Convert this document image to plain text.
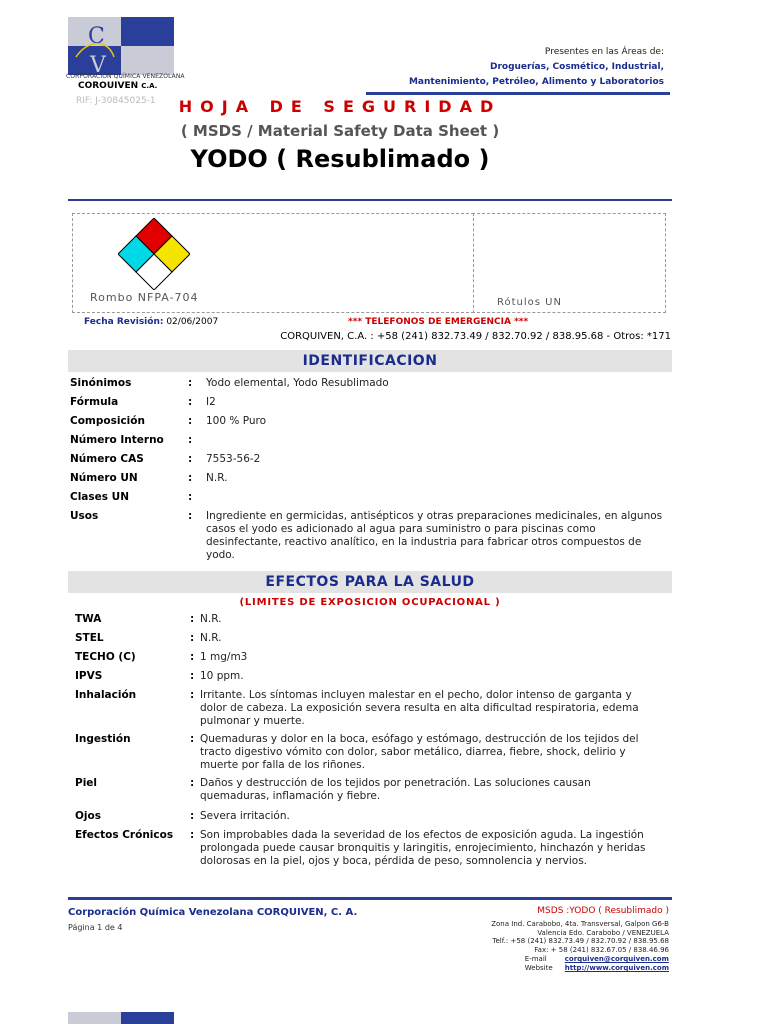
C
V
CORPORACIÓN QUÍMICA VENEZOLANA
COROUIVEN C.A.
RIF: J-30845025-1
Presentes en las Áreas de:
Droguerías, Cosmético, Industrial,
Mantenimiento, Petróleo, Alimento y Laboratorios
HOJA DE SEGURIDAD
( MSDS / Material Safety Data Sheet )
YODO ( Resublimado )
Rombo NFPA-704	Rótulos UN
Fecha Revisión: 02/06/2007	*** TELEFONOS DE EMERGENCIA ***
CORQUIVEN, C.A. : +58 (241) 832.73.49 / 832.70.92 / 838.95.68 - Otros: *171
IDENTIFICACION
Sinónimos	: Yodo elemental, Yodo Resublimado
Fórmula	: I2
Composición	: 100 % Puro
Número Interno :
Número CAS	: 7553-56-2
Número UN	: N.R.
Clases UN	:
Usos	: Ingrediente en germicidas, antisépticos y otras preparaciones medicinales, en algunos casos el yodo es adicionado al agua para suministro o para piscinas como desinfectante, reactivo analítico, en la industria para fabricar otros compuestos de yodo.
EFECTOS PARA LA SALUD
(LIMITES DE EXPOSICION OCUPACIONAL )
TWA	: N.R.
STEL	: N.R.
TECHO (C)	: 1 mg/m3
IPVS	: 10 ppm.
Inhalación	: Irritante. Los síntomas incluyen malestar en el pecho, dolor intenso de garganta y dolor de cabeza. La exposición severa resulta en alta dificultad respiratoria, edema pulmonar y muerte.
Ingestión	: Quemaduras y dolor en la boca, esófago y estómago, destrucción de los tejidos del tracto digestivo vómito con dolor, sabor metálico, diarrea, fiebre, shock, delirio y muerte por falla de los riñones.
Piel	: Daños y destrucción de los tejidos por penetración. Las soluciones causan quemaduras, inflamación y fiebre.
Ojos	: Severa irritación.
Efectos Crónicos : Son improbables dada la severidad de los efectos de exposición aguda. La ingestión prolongada puede causar bronquitis y laringitis, enrojecimiento, hinchazón y heridas dolorosas en la piel, ojos y boca, pérdida de peso, somnolencia y nervios.
Corporación Química Venezolana CORQUIVEN, C. A.
Página 1 de 4
MSDS :YODO ( Resublimado )
Zona Ind. Carabobo, 4ta. Transversal, Galpon G6-B
Valencia Edo. Carabobo / VENEZUELA
Telf.: +58 (241) 832.73.49 / 832.70.92 / 838.95.68
Fax: + 58 (241) 832.67.05 / 838.46.96
E-mail	corquiven@corquiven.com
Website http://www.corquiven.com
